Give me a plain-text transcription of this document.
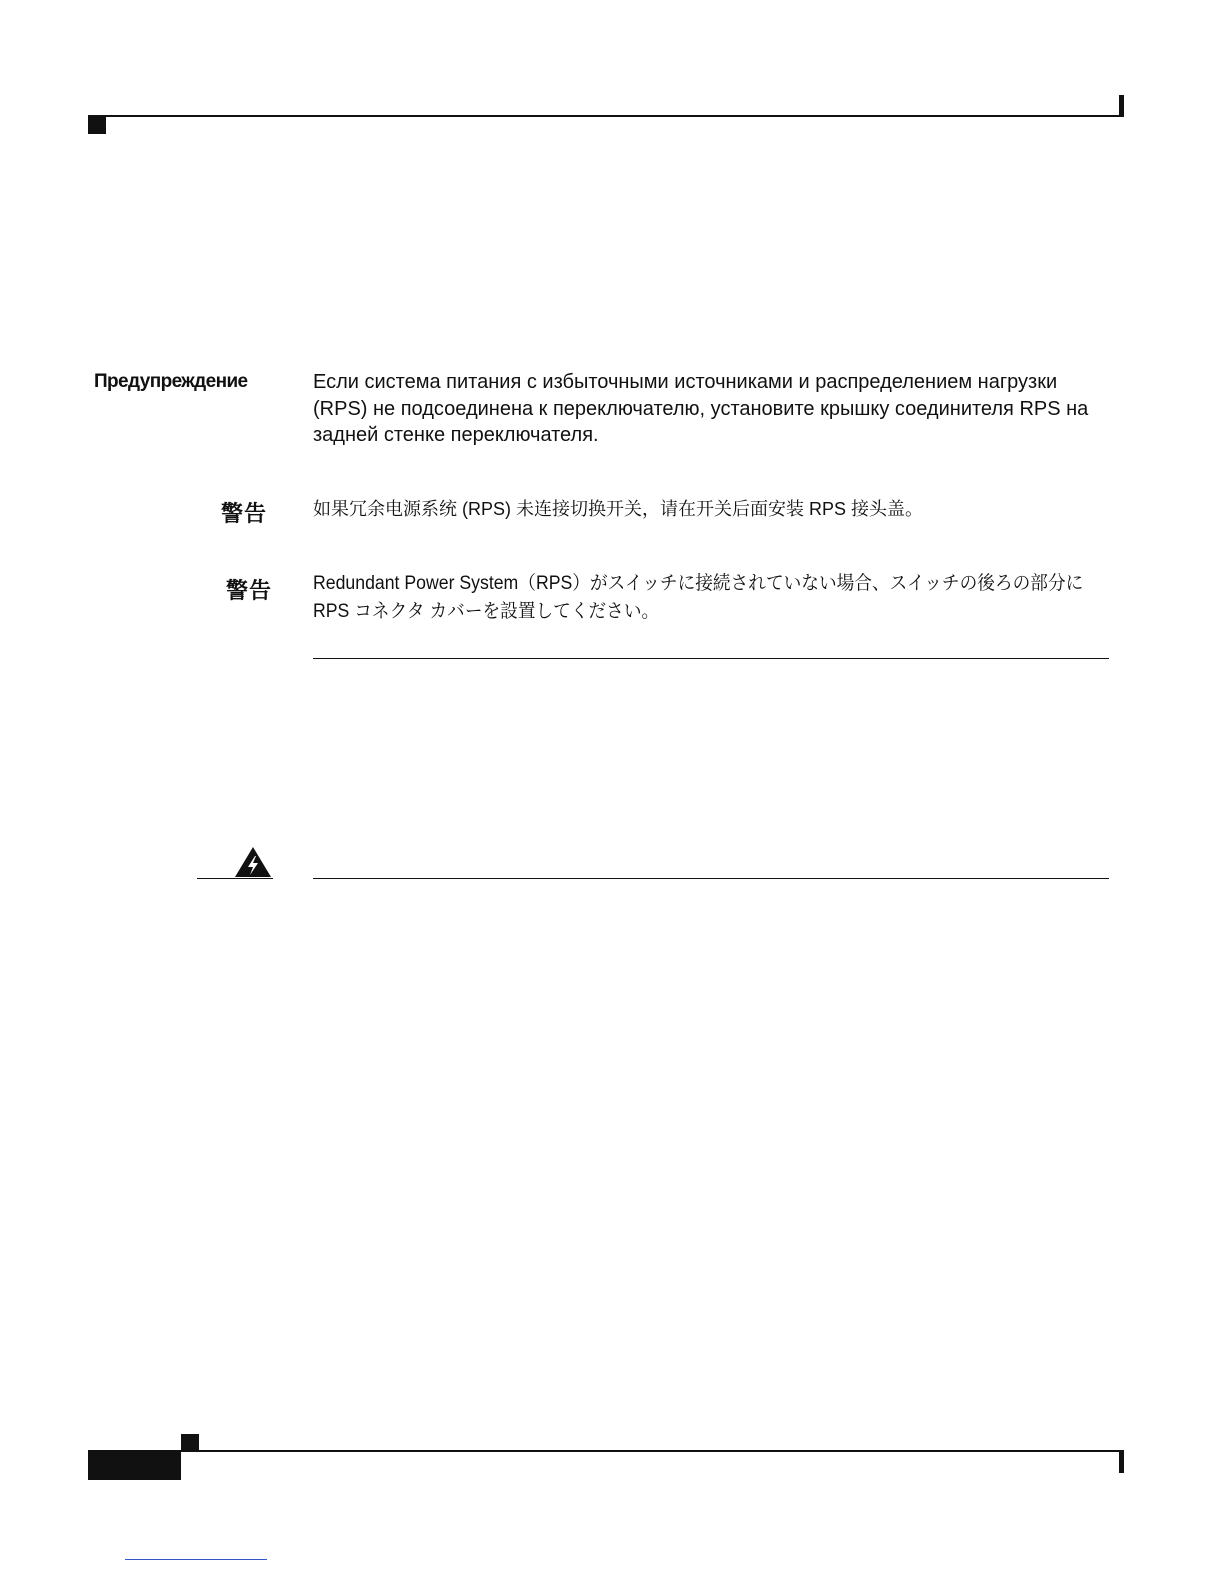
Предупреждение	Если система питания с избыточными источниками и распределением нагрузки (RPS) не подсоединена к переключателю, установите крышку соединителя RPS на задней стенке переключателя.

警告	如果冗余电源系统 (RPS) 未连接切换开关，请在开关后面安装 RPS 接头盖。

警告 Redundant Power System（RPS）がスイッチに接続されていない場合、スイッチの後ろの部分に RPS コネクタ カバーを設置してください。
